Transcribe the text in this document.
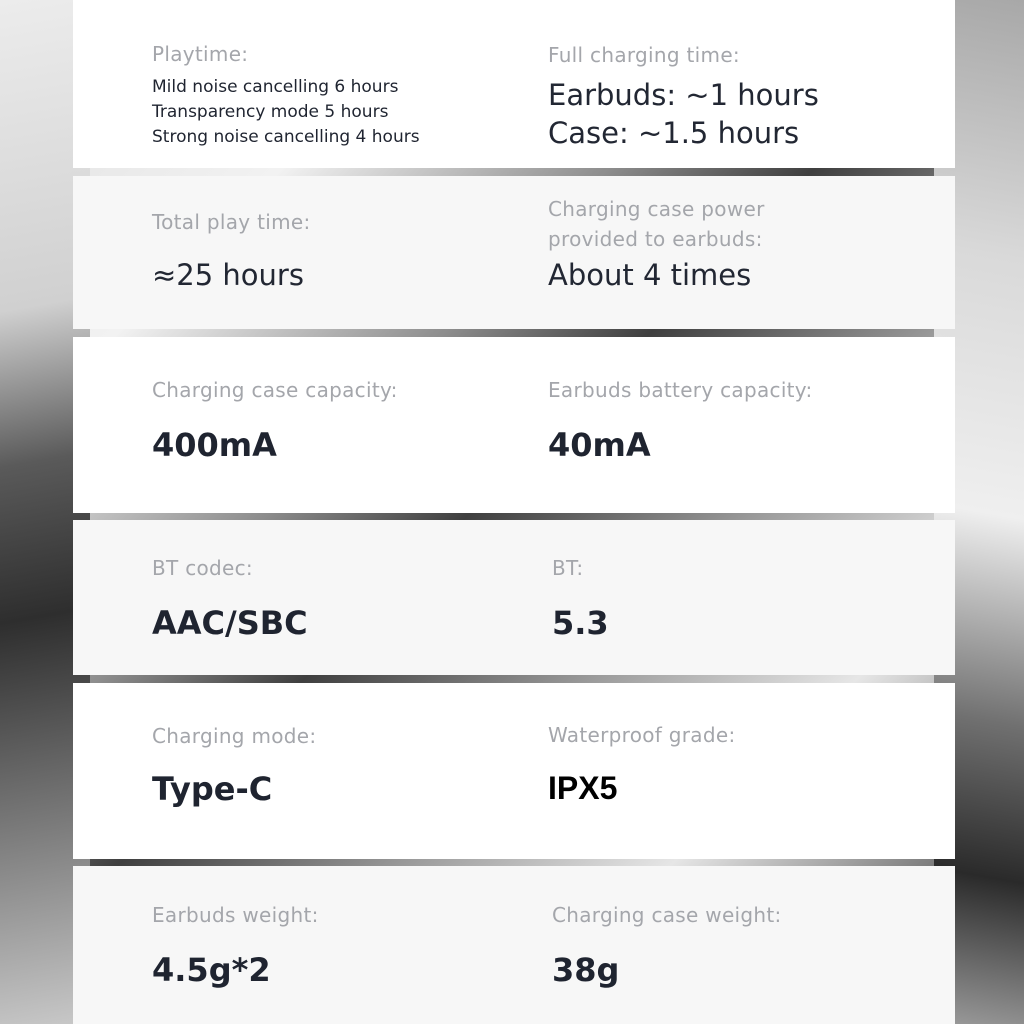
Playtime:
Mild noise cancelling 6 hours
Transparency mode 5 hours
Strong noise cancelling 4 hours
Full charging time:
Earbuds: ~1 hours
Case: ~1.5 hours
Total play time:
≈25 hours
Charging case power
provided to earbuds:
About 4 times
Charging case capacity:
400mA
Earbuds battery capacity:
40mA
BT codec:
AAC/SBC
BT:
5.3
Charging mode:
Type-C
Waterproof grade:
IPX5
Earbuds weight:
4.5g*2
Charging case weight:
38g
